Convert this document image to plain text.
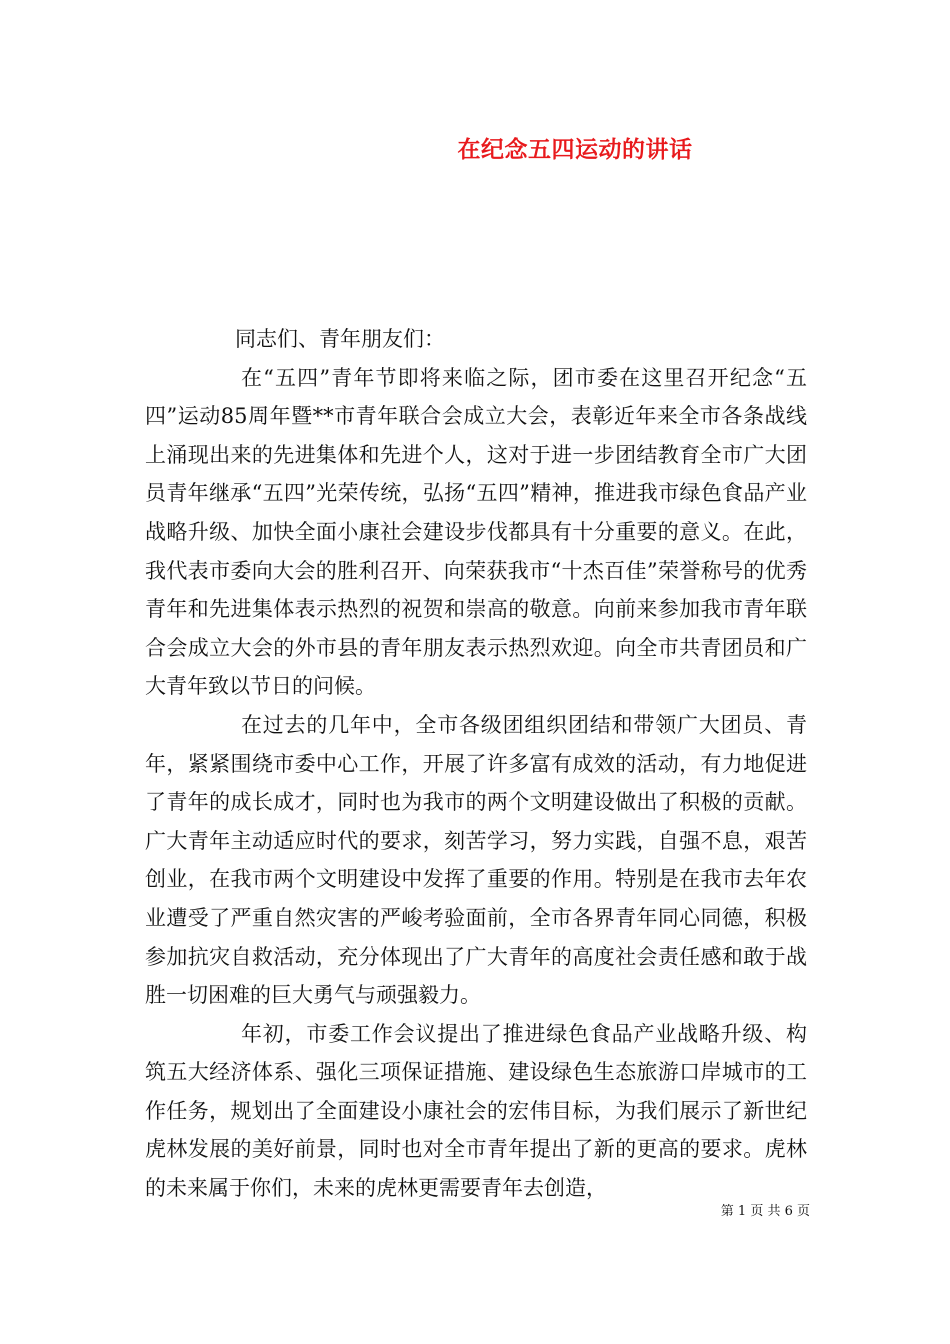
在纪念五四运动的讲话

同志们、青年朋友们：

在“五四”青年节即将来临之际，团市委在这里召开纪念“五四”运动85周年暨**市青年联合会成立大会，表彰近年来全市各条战线上涌现出来的先进集体和先进个人，这对于进一步团结教育全市广大团员青年继承“五四”光荣传统，弘扬“五四”精神，推进我市绿色食品产业战略升级、加快全面小康社会建设步伐都具有十分重要的意义。在此，我代表市委向大会的胜利召开、向荣获我市“十杰百佳”荣誉称号的优秀青年和先进集体表示热烈的祝贺和崇高的敬意。向前来参加我市青年联合会成立大会的外市县的青年朋友表示热烈欢迎。向全市共青团员和广大青年致以节日的问候。

在过去的几年中，全市各级团组织团结和带领广大团员、青年，紧紧围绕市委中心工作，开展了许多富有成效的活动，有力地促进了青年的成长成才，同时也为我市的两个文明建设做出了积极的贡献。广大青年主动适应时代的要求，刻苦学习，努力实践，自强不息，艰苦创业，在我市两个文明建设中发挥了重要的作用。特别是在我市去年农业遭受了严重自然灾害的严峻考验面前，全市各界青年同心同德，积极参加抗灾自救活动，充分体现出了广大青年的高度社会责任感和敢于战胜一切困难的巨大勇气与顽强毅力。

年初，市委工作会议提出了推进绿色食品产业战略升级、构筑五大经济体系、强化三项保证措施、建设绿色生态旅游口岸城市的工作任务，规划出了全面建设小康社会的宏伟目标，为我们展示了新世纪虎林发展的美好前景，同时也对全市青年提出了新的更高的要求。虎林的未来属于你们，未来的虎林更需要青年去创造，

第 1 页 共 6 页
